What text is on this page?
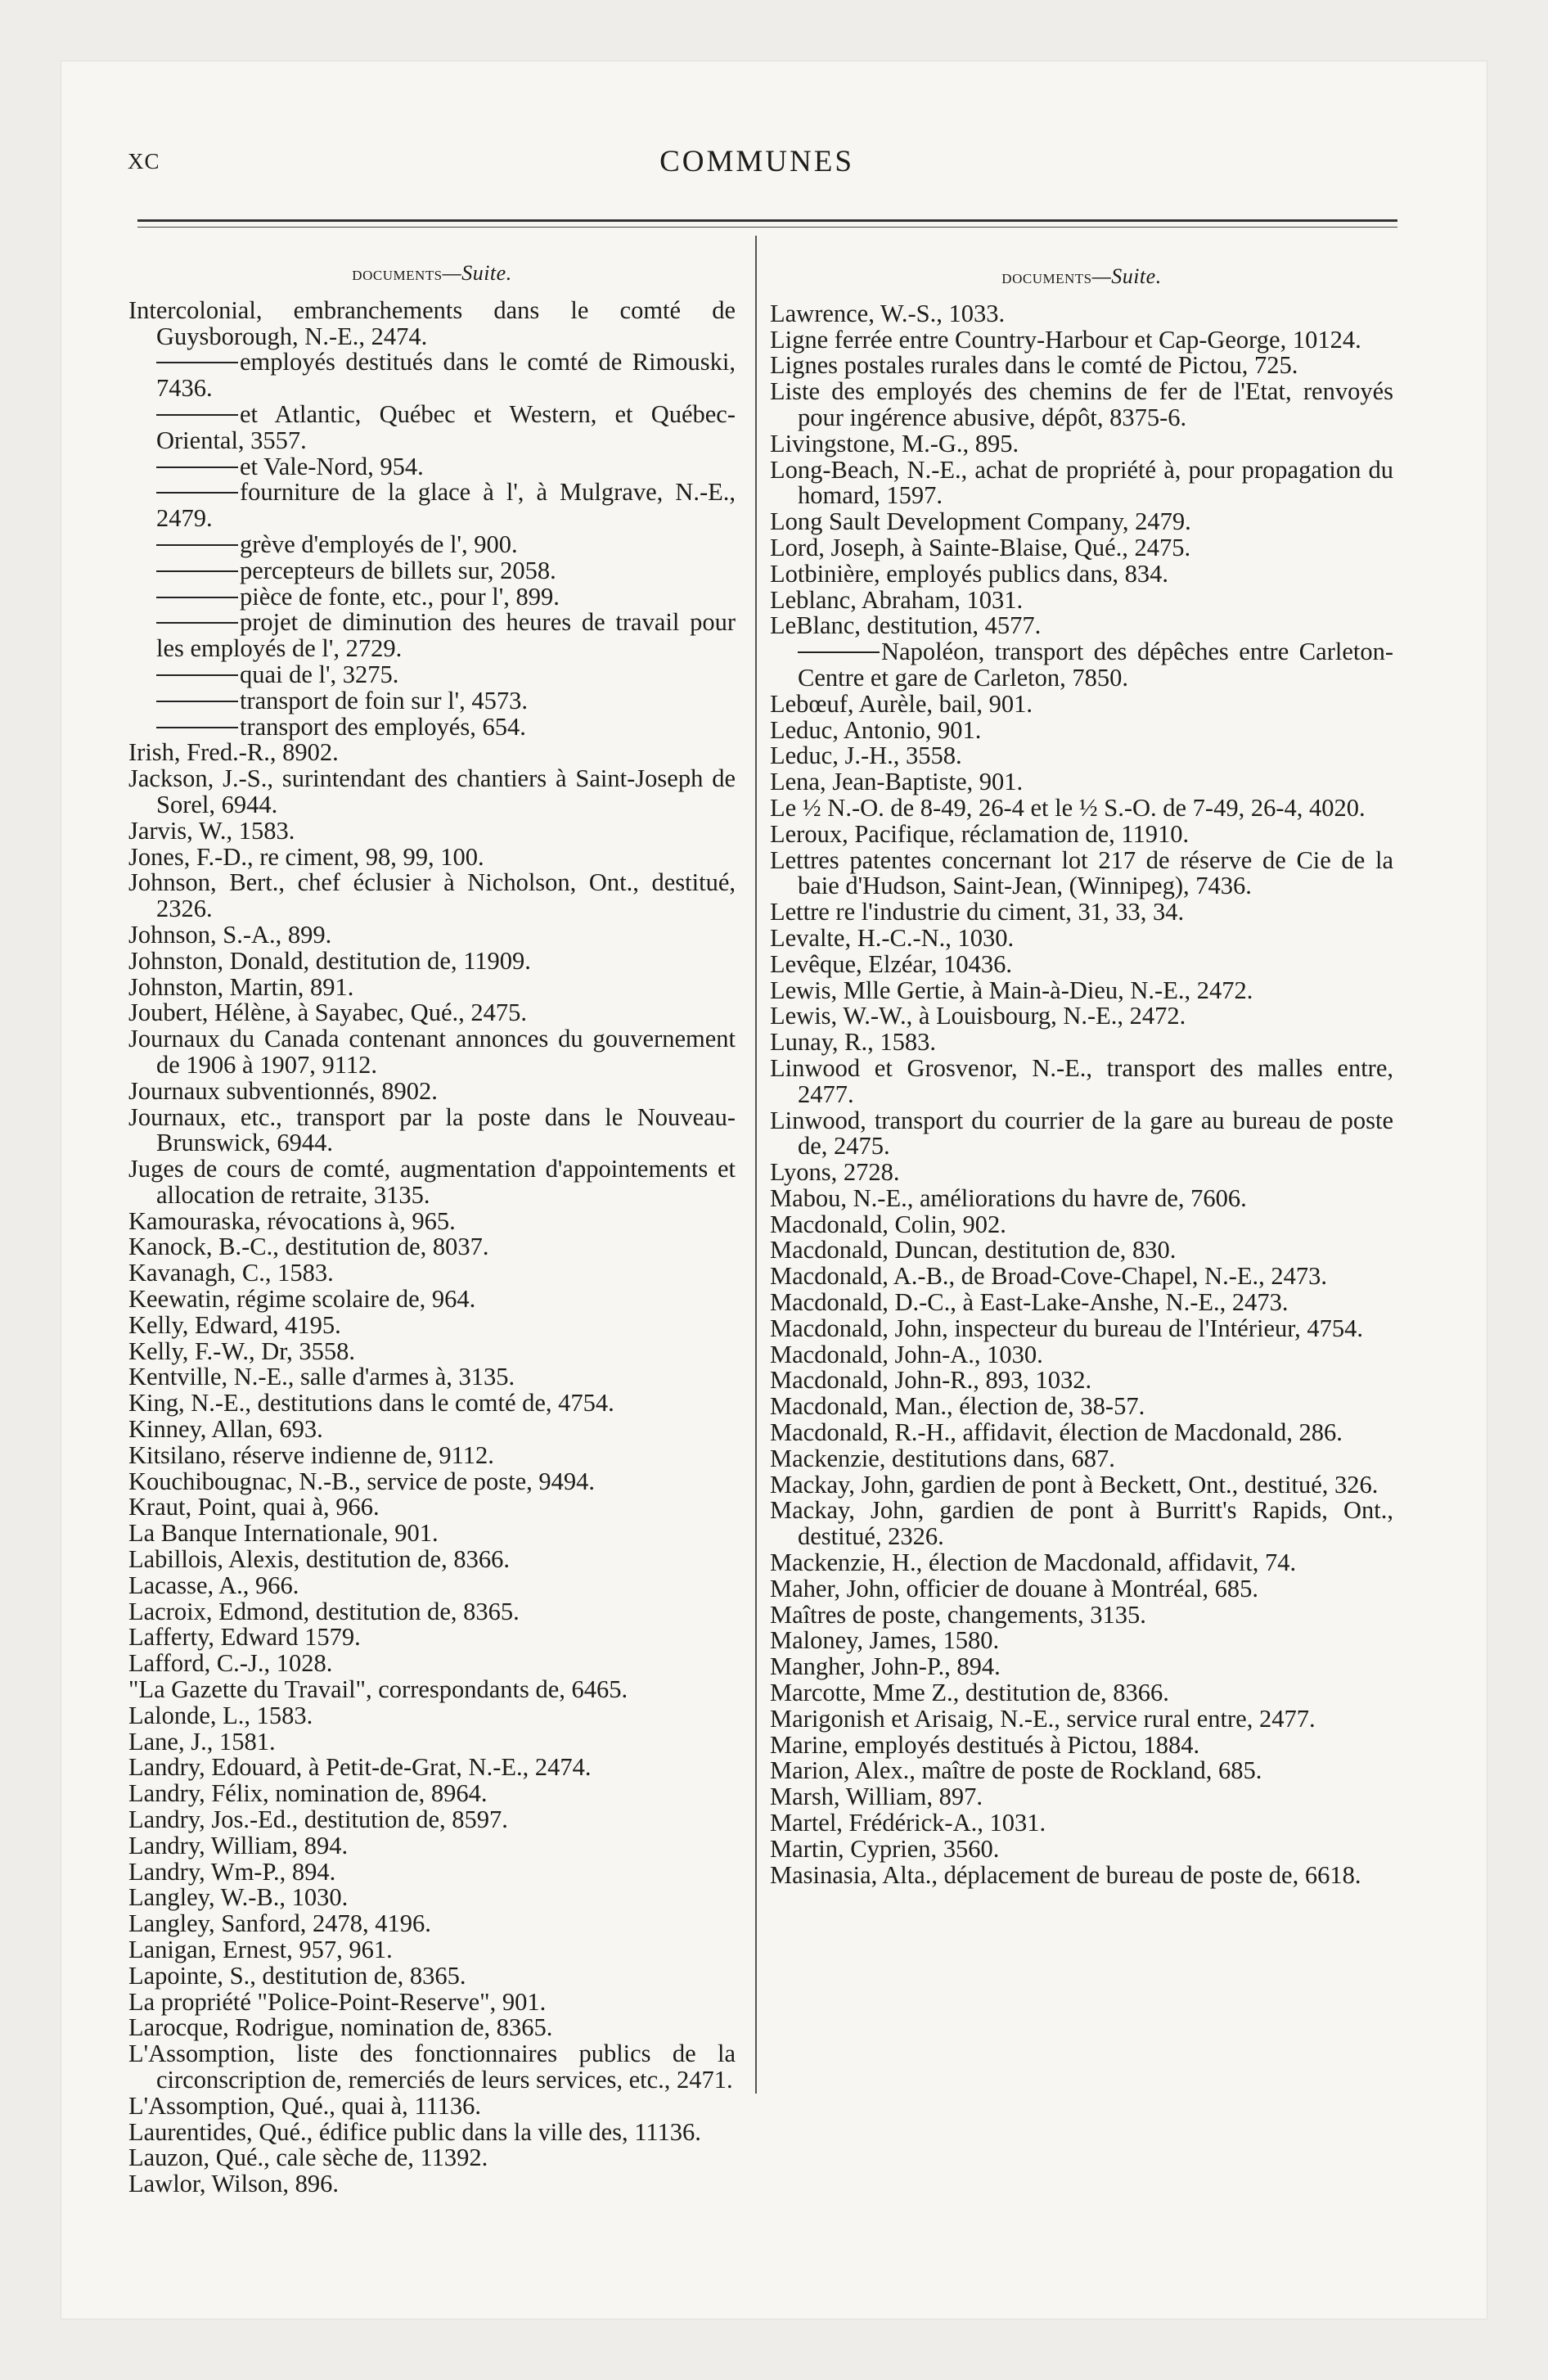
XC	COMMUNES
documents—Suite.
Intercolonial, embranchements dans le comté de Guysborough, N.-E., 2474.
employés destitués dans le comté de Rimouski, 7436.
et Atlantic, Québec et Western, et Québec-Oriental, 3557.
et Vale-Nord, 954.
fourniture de la glace à l', à Mulgrave, N.-E., 2479.
grève d'employés de l', 900.
percepteurs de billets sur, 2058.
pièce de fonte, etc., pour l', 899.
projet de diminution des heures de travail pour les employés de l', 2729.
quai de l', 3275.
transport de foin sur l', 4573.
transport des employés, 654.
Irish, Fred.-R., 8902.
Jackson, J.-S., surintendant des chantiers à Saint-Joseph de Sorel, 6944.
Jarvis, W., 1583.
Jones, F.-D., re ciment, 98, 99, 100.
Johnson, Bert., chef éclusier à Nicholson, Ont., destitué, 2326.
Johnson, S.-A., 899.
Johnston, Donald, destitution de, 11909.
Johnston, Martin, 891.
Joubert, Hélène, à Sayabec, Qué., 2475.
Journaux du Canada contenant annonces du gouvernement de 1906 à 1907, 9112.
Journaux subventionnés, 8902.
Journaux, etc., transport par la poste dans le Nouveau-Brunswick, 6944.
Juges de cours de comté, augmentation d'appointements et allocation de retraite, 3135.
Kamouraska, révocations à, 965.
Kanock, B.-C., destitution de, 8037.
Kavanagh, C., 1583.
Keewatin, régime scolaire de, 964.
Kelly, Edward, 4195.
Kelly, F.-W., Dr, 3558.
Kentville, N.-E., salle d'armes à, 3135.
King, N.-E., destitutions dans le comté de, 4754.
Kinney, Allan, 693.
Kitsilano, réserve indienne de, 9112.
Kouchibougnac, N.-B., service de poste, 9494.
Kraut, Point, quai à, 966.
La Banque Internationale, 901.
Labillois, Alexis, destitution de, 8366.
Lacasse, A., 966.
Lacroix, Edmond, destitution de, 8365.
Lafferty, Edward 1579.
Lafford, C.-J., 1028.
"La Gazette du Travail", correspondants de, 6465.
Lalonde, L., 1583.
Lane, J., 1581.
Landry, Edouard, à Petit-de-Grat, N.-E., 2474.
Landry, Félix, nomination de, 8964.
Landry, Jos.-Ed., destitution de, 8597.
Landry, William, 894.
Landry, Wm-P., 894.
Langley, W.-B., 1030.
Langley, Sanford, 2478, 4196.
Lanigan, Ernest, 957, 961.
Lapointe, S., destitution de, 8365.
La propriété "Police-Point-Reserve", 901.
Larocque, Rodrigue, nomination de, 8365.
L'Assomption, liste des fonctionnaires publics de la circonscription de, remerciés de leurs services, etc., 2471.
L'Assomption, Qué., quai à, 11136.
Laurentides, Qué., édifice public dans la ville des, 11136.
Lauzon, Qué., cale sèche de, 11392.
Lawlor, Wilson, 896.
documents—Suite.
Lawrence, W.-S., 1033.
Ligne ferrée entre Country-Harbour et Cap-George, 10124.
Lignes postales rurales dans le comté de Pictou, 725.
Liste des employés des chemins de fer de l'Etat, renvoyés pour ingérence abusive, dépôt, 8375-6.
Livingstone, M.-G., 895.
Long-Beach, N.-E., achat de propriété à, pour propagation du homard, 1597.
Long Sault Development Company, 2479.
Lord, Joseph, à Sainte-Blaise, Qué., 2475.
Lotbinière, employés publics dans, 834.
Leblanc, Abraham, 1031.
LeBlanc, destitution, 4577.
Napoléon, transport des dépêches entre Carleton-Centre et gare de Carleton, 7850.
Lebœuf, Aurèle, bail, 901.
Leduc, Antonio, 901.
Leduc, J.-H., 3558.
Lena, Jean-Baptiste, 901.
Le ½ N.-O. de 8-49, 26-4 et le ½ S.-O. de 7-49, 26-4, 4020.
Leroux, Pacifique, réclamation de, 11910.
Lettres patentes concernant lot 217 de réserve de Cie de la baie d'Hudson, Saint-Jean, (Winnipeg), 7436.
Lettre re l'industrie du ciment, 31, 33, 34.
Levalte, H.-C.-N., 1030.
Levêque, Elzéar, 10436.
Lewis, Mlle Gertie, à Main-à-Dieu, N.-E., 2472.
Lewis, W.-W., à Louisbourg, N.-E., 2472.
Lunay, R., 1583.
Linwood et Grosvenor, N.-E., transport des malles entre, 2477.
Linwood, transport du courrier de la gare au bureau de poste de, 2475.
Lyons, 2728.
Mabou, N.-E., améliorations du havre de, 7606.
Macdonald, Colin, 902.
Macdonald, Duncan, destitution de, 830.
Macdonald, A.-B., de Broad-Cove-Chapel, N.-E., 2473.
Macdonald, D.-C., à East-Lake-Anshe, N.-E., 2473.
Macdonald, John, inspecteur du bureau de l'Intérieur, 4754.
Macdonald, John-A., 1030.
Macdonald, John-R., 893, 1032.
Macdonald, Man., élection de, 38-57.
Macdonald, R.-H., affidavit, élection de Macdonald, 286.
Mackenzie, destitutions dans, 687.
Mackay, John, gardien de pont à Beckett, Ont., destitué, 326.
Mackay, John, gardien de pont à Burritt's Rapids, Ont., destitué, 2326.
Mackenzie, H., élection de Macdonald, affidavit, 74.
Maher, John, officier de douane à Montréal, 685.
Maîtres de poste, changements, 3135.
Maloney, James, 1580.
Mangher, John-P., 894.
Marcotte, Mme Z., destitution de, 8366.
Marigonish et Arisaig, N.-E., service rural entre, 2477.
Marine, employés destitués à Pictou, 1884.
Marion, Alex., maître de poste de Rockland, 685.
Marsh, William, 897.
Martel, Frédérick-A., 1031.
Martin, Cyprien, 3560.
Masinasia, Alta., déplacement de bureau de poste de, 6618.
